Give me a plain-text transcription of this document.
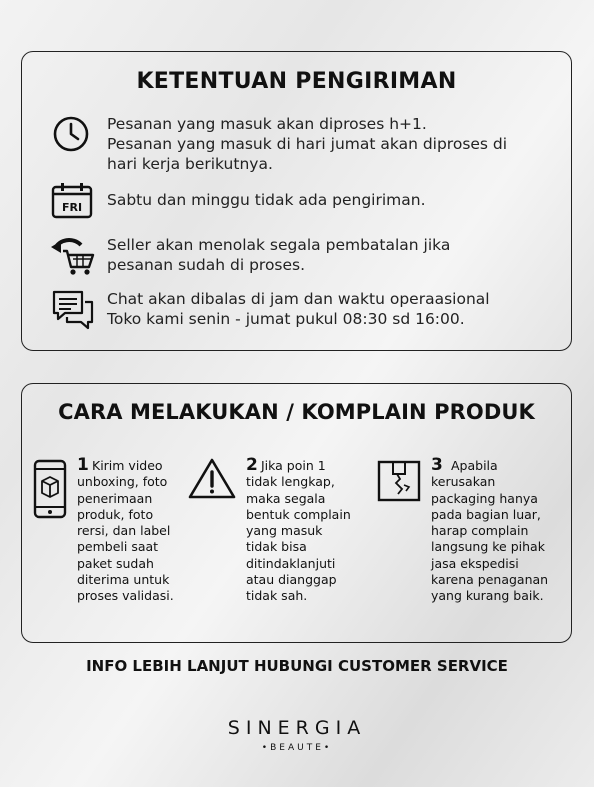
KETENTUAN PENGIRIMAN
Pesanan yang masuk akan diproses h+1.
Pesanan yang masuk di hari jumat akan diproses di
hari kerja berikutnya.
FRI Sabtu dan minggu tidak ada pengiriman.
Seller akan menolak segala pembatalan jika
pesanan sudah di proses.
Chat akan dibalas di jam dan waktu operaasional
Toko kami senin - jumat pukul 08:30 sd 16:00.
CARA MELAKUKAN / KOMPLAIN PRODUK
1 Kirim video
unboxing, foto
penerimaan
produk, foto
rersi, dan label
pembeli saat
paket sudah
diterima untuk
proses validasi.
2 Jika poin 1
tidak lengkap,
maka segala
bentuk complain
yang masuk
tidak bisa
ditindaklanjuti
atau dianggap
tidak sah.
3 Apabila
kerusakan
packaging hanya
pada bagian luar,
harap complain
langsung ke pihak
jasa ekspedisi
karena penaganan
yang kurang baik.
INFO LEBIH LANJUT HUBUNGI CUSTOMER SERVICE
SINERGIA
•BEAUTE•
